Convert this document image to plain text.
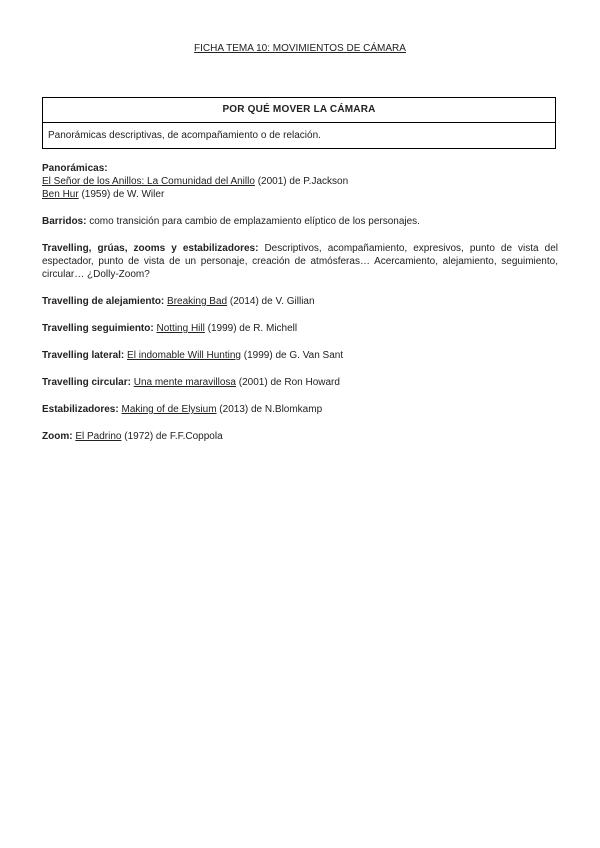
FICHA TEMA 10: MOVIMIENTOS DE CÁMARA
POR QUÉ MOVER LA CÁMARA
Panorámicas descriptivas, de acompañamiento o de relación.
Panorámicas:
El Señor de los Anillos: La Comunidad del Anillo (2001) de P.Jackson
Ben Hur (1959) de W. Wiler
Barridos: como transición para cambio de emplazamiento elíptico de los personajes.
Travelling, grúas, zooms y estabilizadores: Descriptivos, acompañamiento, expresivos, punto de vista del espectador, punto de vista de un personaje, creación de atmósferas… Acercamiento, alejamiento, seguimiento, circular… ¿Dolly-Zoom?
Travelling de alejamiento: Breaking Bad (2014) de V. Gillian
Travelling seguimiento: Notting Hill (1999) de R. Michell
Travelling lateral: El indomable Will Hunting (1999) de G. Van Sant
Travelling circular: Una mente maravillosa (2001) de Ron Howard
Estabilizadores: Making of de Elysium (2013) de N.Blomkamp
Zoom: El Padrino (1972) de F.F.Coppola
